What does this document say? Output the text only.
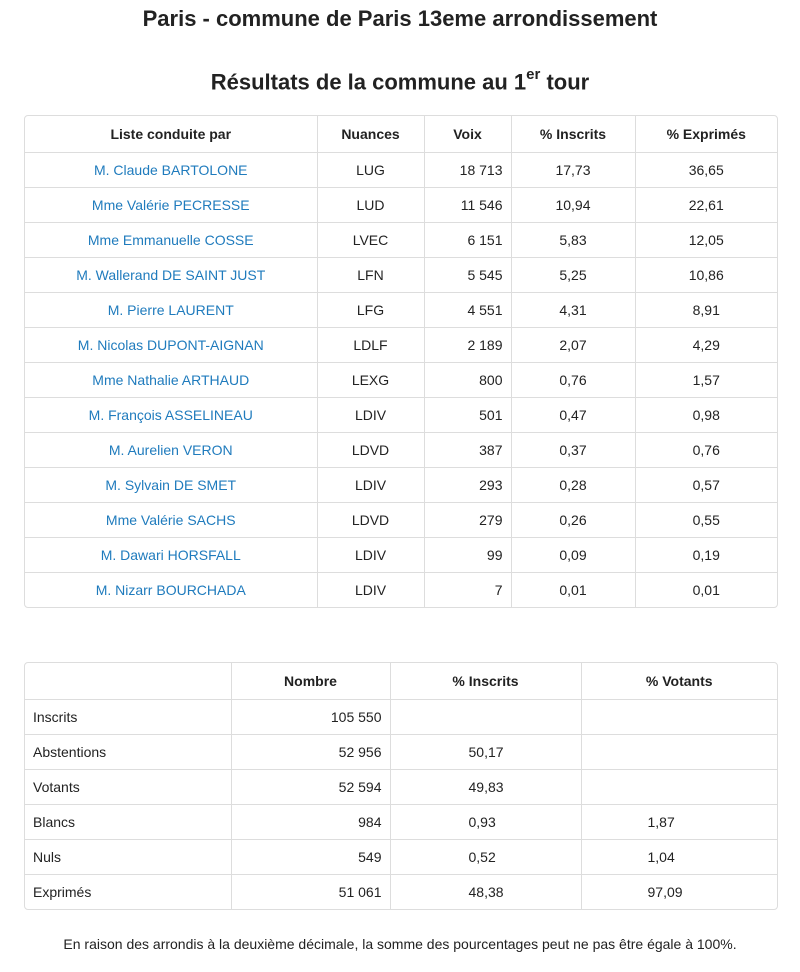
Paris - commune de Paris 13eme arrondissement
Résultats de la commune au 1er tour
Liste conduite par	Nuances	Voix	% Inscrits	% Exprimés
M. Claude BARTOLONE	LUG	18 713	17,73	36,65
Mme Valérie PECRESSE	LUD	11 546	10,94	22,61
Mme Emmanuelle COSSE	LVEC	6 151	5,83	12,05
M. Wallerand DE SAINT JUST	LFN	5 545	5,25	10,86
M. Pierre LAURENT	LFG	4 551	4,31	8,91
M. Nicolas DUPONT-AIGNAN	LDLF	2 189	2,07	4,29
Mme Nathalie ARTHAUD	LEXG	800	0,76	1,57
M. François ASSELINEAU	LDIV	501	0,47	0,98
M. Aurelien VERON	LDVD	387	0,37	0,76
M. Sylvain DE SMET	LDIV	293	0,28	0,57
Mme Valérie SACHS	LDVD	279	0,26	0,55
M. Dawari HORSFALL	LDIV	99	0,09	0,19
M. Nizarr BOURCHADA	LDIV	7	0,01	0,01
	Nombre	% Inscrits	% Votants
Inscrits	105 550		
Abstentions	52 956	50,17	
Votants	52 594	49,83	
Blancs	984	0,93	1,87
Nuls	549	0,52	1,04
Exprimés	51 061	48,38	97,09
En raison des arrondis à la deuxième décimale, la somme des pourcentages peut ne pas être égale à 100%.
